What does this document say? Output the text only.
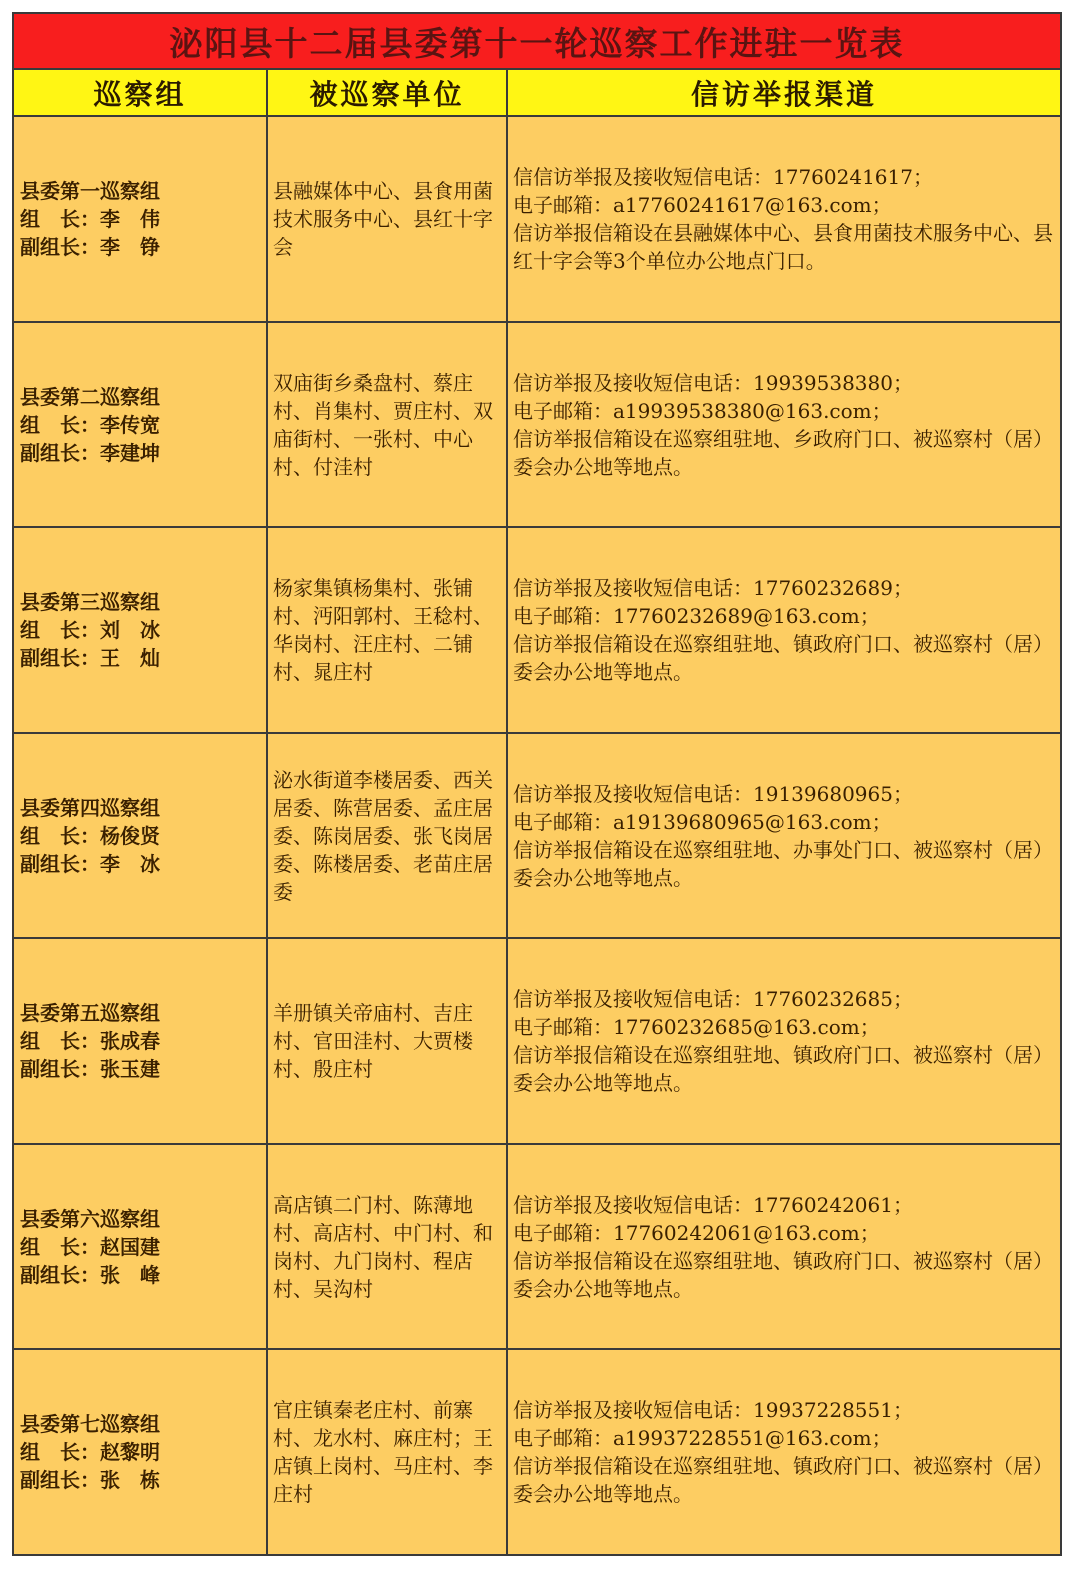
泌阳县十二届县委第十一轮巡察工作进驻一览表		
巡察组	被巡察单位	信访举报渠道

县委第一巡察组
组　长：李　伟
副组长：李　铮	县融媒体中心、县食用菌技术服务中心、县红十字会	信信访举报及接收短信电话：17760241617；
电子邮箱：a17760241617@163.com；
信访举报信箱设在县融媒体中心、县食用菌技术服务中心、县红十字会等3个单位办公地点门口。

县委第二巡察组
组　长：李传宽
副组长：李建坤	双庙街乡桑盘村、蔡庄村、肖集村、贾庄村、双庙街村、一张村、中心村、付洼村	信访举报及接收短信电话：19939538380；
电子邮箱：a19939538380@163.com；
信访举报信箱设在巡察组驻地、乡政府门口、被巡察村（居）委会办公地等地点。

县委第三巡察组
组　长：刘　冰
副组长：王　灿	杨家集镇杨集村、张铺村、沔阳郭村、王稔村、华岗村、汪庄村、二铺村、晁庄村	信访举报及接收短信电话：17760232689；
电子邮箱：17760232689@163.com；
信访举报信箱设在巡察组驻地、镇政府门口、被巡察村（居）委会办公地等地点。

县委第四巡察组
组　长：杨俊贤
副组长：李　冰	泌水街道李楼居委、西关居委、陈营居委、孟庄居委、陈岗居委、张飞岗居委、陈楼居委、老苗庄居委	信访举报及接收短信电话：19139680965；
电子邮箱：a19139680965@163.com；
信访举报信箱设在巡察组驻地、办事处门口、被巡察村（居）委会办公地等地点。

县委第五巡察组
组　长：张成春
副组长：张玉建	羊册镇关帝庙村、吉庄村、官田洼村、大贾楼村、殷庄村	信访举报及接收短信电话：17760232685；
电子邮箱：17760232685@163.com；
信访举报信箱设在巡察组驻地、镇政府门口、被巡察村（居）委会办公地等地点。

县委第六巡察组
组　长：赵国建
副组长：张　峰	高店镇二门村、陈薄地村、高店村、中门村、和岗村、九门岗村、程店村、吴沟村	信访举报及接收短信电话：17760242061；
电子邮箱：17760242061@163.com；
信访举报信箱设在巡察组驻地、镇政府门口、被巡察村（居）委会办公地等地点。

县委第七巡察组
组　长：赵黎明
副组长：张　栋	官庄镇秦老庄村、前寨村、龙水村、麻庄村；王店镇上岗村、马庄村、李庄村	信访举报及接收短信电话：19937228551；
电子邮箱：a19937228551@163.com；
信访举报信箱设在巡察组驻地、镇政府门口、被巡察村（居）委会办公地等地点。
